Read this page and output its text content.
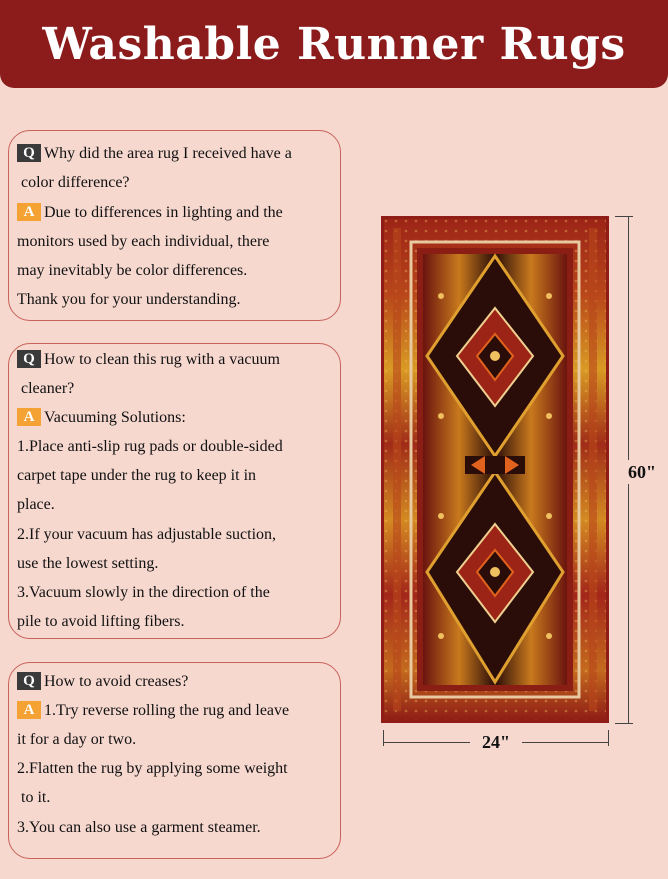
Washable Runner Rugs
Q Why did the area rug I received have a
color difference?
A Due to differences in lighting and the
monitors used by each individual, there
may inevitably be color differences.
Thank you for your understanding.
Q How to clean this rug with a vacuum
cleaner?
A Vacuuming Solutions:
1.Place anti-slip rug pads or double-sided
carpet tape under the rug to keep it in
place.
2.If your vacuum has adjustable suction,
use the lowest setting.
3.Vacuum slowly in the direction of the
pile to avoid lifting fibers.
Q How to avoid creases?
A 1.Try reverse rolling the rug and leave
it for a day or two.
2.Flatten the rug by applying some weight
to it.
3.You can also use a garment steamer.
60"
24"
